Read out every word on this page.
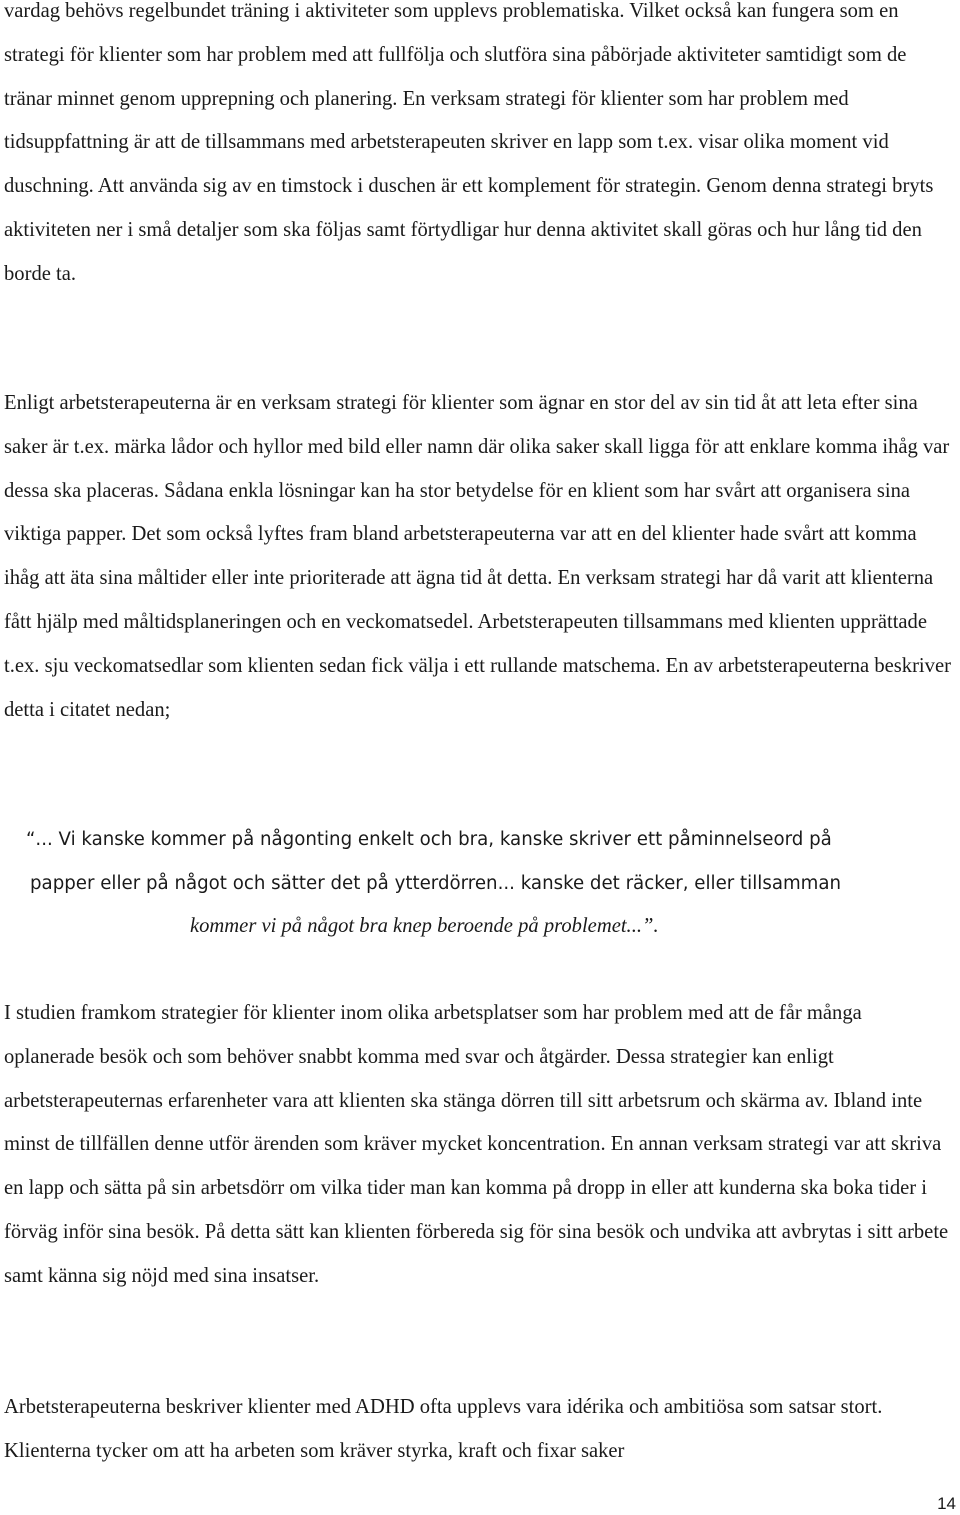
vardag behövs regelbundet träning i aktiviteter som upplevs problematiska. Vilket också kan fungera som en strategi för klienter som har problem med att fullfölja och slutföra sina påbörjade aktiviteter samtidigt som de tränar minnet genom upprepning och planering. En verksam strategi för klienter som har problem med tidsuppfattning är att de tillsammans med arbetsterapeuten skriver en lapp som t.ex. visar olika moment vid duschning. Att använda sig av en timstock i duschen är ett komplement för strategin. Genom denna strategi bryts aktiviteten ner i små detaljer som ska följas samt förtydligar hur denna aktivitet skall göras och hur lång tid den borde ta.

Enligt arbetsterapeuterna är en verksam strategi för klienter som ägnar en stor del av sin tid åt att leta efter sina saker är t.ex. märka lådor och hyllor med bild eller namn där olika saker skall ligga för att enklare komma ihåg var dessa ska placeras. Sådana enkla lösningar kan ha stor betydelse för en klient som har svårt att organisera sina viktiga papper. Det som också lyftes fram bland arbetsterapeuterna var att en del klienter hade svårt att komma ihåg att äta sina måltider eller inte prioriterade att ägna tid åt detta. En verksam strategi har då varit att klienterna fått hjälp med måltidsplaneringen och en veckomatsedel. Arbetsterapeuten tillsammans med klienten upprättade t.ex. sju veckomatsedlar som klienten sedan fick välja i ett rullande matschema. En av arbetsterapeuterna beskriver detta i citatet nedan;

“... Vi kanske kommer på någonting enkelt och bra, kanske skriver ett påminnelseord på
papper eller på något och sätter det på ytterdörren... kanske det räcker, eller tillsamman
kommer vi på något bra knep beroende på problemet...”.

I studien framkom strategier för klienter inom olika arbetsplatser som har problem med att de får många oplanerade besök och som behöver snabbt komma med svar och åtgärder. Dessa strategier kan enligt arbetsterapeuternas erfarenheter vara att klienten ska stänga dörren till sitt arbetsrum och skärma av. Ibland inte minst de tillfällen denne utför ärenden som kräver mycket koncentration. En annan verksam strategi var att skriva en lapp och sätta på sin arbetsdörr om vilka tider man kan komma på dropp in eller att kunderna ska boka tider i förväg inför sina besök. På detta sätt kan klienten förbereda sig för sina besök och undvika att avbrytas i sitt arbete samt känna sig nöjd med sina insatser.

Arbetsterapeuterna beskriver klienter med ADHD ofta upplevs vara idérika och ambitiösa som satsar stort. Klienterna tycker om att ha arbeten som kräver styrka, kraft och fixar saker

14
